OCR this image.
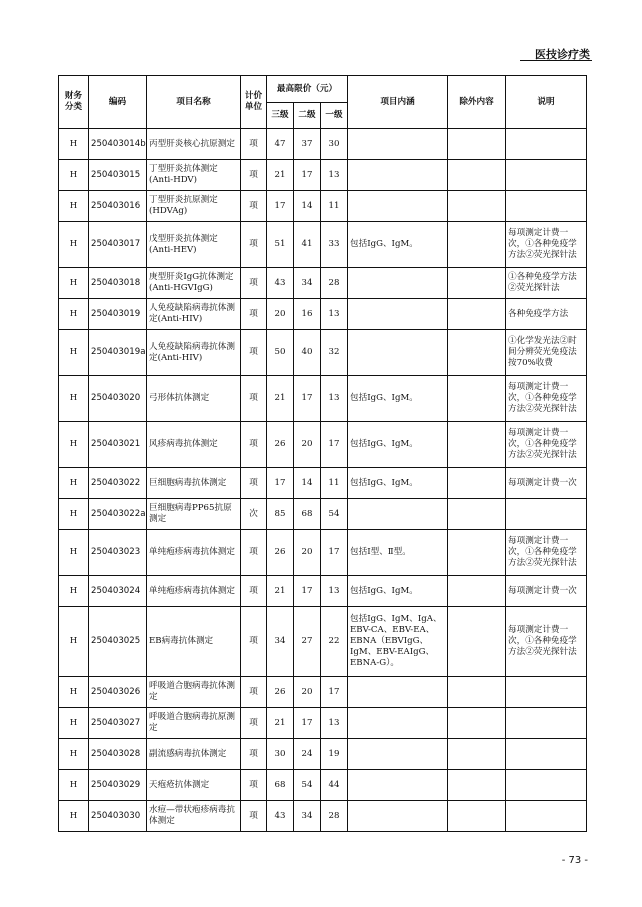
医技诊疗类
财务分类	编码	项目名称	计价单位	最高限价（元）			项目内涵	除外内容	说明
				三级	二级	一级			
H	250403014b	丙型肝炎核心抗原测定	项	47	37	30			
H	250403015	丁型肝炎抗体测定(Anti-HDV)	项	21	17	13			
H	250403016	丁型肝炎抗原测定(HDVAg)	项	17	14	11			
H	250403017	戊型肝炎抗体测定(Anti-HEV)	项	51	41	33	包括IgG、IgM。		每项测定计费一次，①各种免疫学方法②荧光探针法
H	250403018	庚型肝炎IgG抗体测定(Anti-HGVIgG)	项	43	34	28			①各种免疫学方法②荧光探针法
H	250403019	人免疫缺陷病毒抗体测定(Anti-HIV)	项	20	16	13			各种免疫学方法
H	250403019a	人免疫缺陷病毒抗体测定(Anti-HIV)	项	50	40	32			①化学发光法②时间分辨荧光免疫法按70%收费
H	250403020	弓形体抗体测定	项	21	17	13	包括IgG、IgM。		每项测定计费一次，①各种免疫学方法②荧光探针法
H	250403021	风疹病毒抗体测定	项	26	20	17	包括IgG、IgM。		每项测定计费一次，①各种免疫学方法②荧光探针法
H	250403022	巨细胞病毒抗体测定	项	17	14	11	包括IgG、IgM。		每项测定计费一次
H	250403022a	巨细胞病毒PP65抗原测定	次	85	68	54			
H	250403023	单纯疱疹病毒抗体测定	项	26	20	17	包括Ⅰ型、Ⅱ型。		每项测定计费一次，①各种免疫学方法②荧光探针法
H	250403024	单纯疱疹病毒抗体测定	项	21	17	13	包括IgG、IgM。		每项测定计费一次
H	250403025	EB病毒抗体测定	项	34	27	22	包括IgG、IgM、IgA、EBV-CA、EBV-EA、EBNA（EBVIgG、IgM、EBV-EAIgG、EBNA-G）。		每项测定计费一次，①各种免疫学方法②荧光探针法
H	250403026	呼吸道合胞病毒抗体测定	项	26	20	17			
H	250403027	呼吸道合胞病毒抗原测定	项	21	17	13			
H	250403028	副流感病毒抗体测定	项	30	24	19			
H	250403029	天疱疮抗体测定	项	68	54	44			
H	250403030	水痘—带状疱疹病毒抗体测定	项	43	34	28			
- 73 -
